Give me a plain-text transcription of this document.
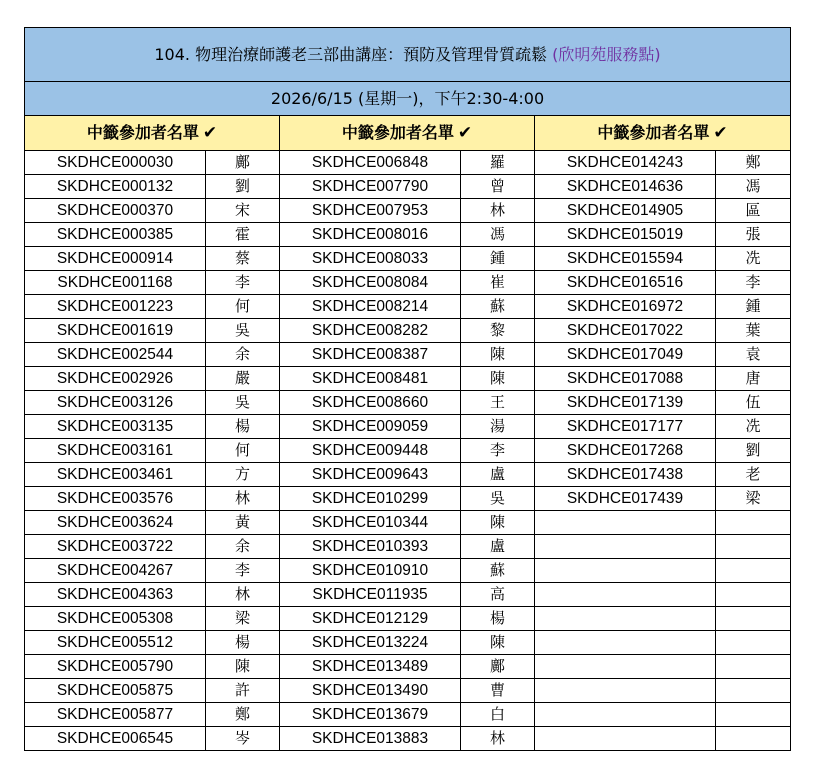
104. 物理治療師護老三部曲講座：預防及管理骨質疏鬆 (欣明苑服務點)					
2026/6/15 (星期一)，下午2:30-4:00					
中籤參加者名單 ✔		中籤參加者名單 ✔		中籤參加者名單 ✔	
SKDHCE000030	鄺	SKDHCE006848	羅	SKDHCE014243	鄭
SKDHCE000132	劉	SKDHCE007790	曾	SKDHCE014636	馮
SKDHCE000370	宋	SKDHCE007953	林	SKDHCE014905	區
SKDHCE000385	霍	SKDHCE008016	馮	SKDHCE015019	張
SKDHCE000914	蔡	SKDHCE008033	鍾	SKDHCE015594	冼
SKDHCE001168	李	SKDHCE008084	崔	SKDHCE016516	李
SKDHCE001223	何	SKDHCE008214	蘇	SKDHCE016972	鍾
SKDHCE001619	吳	SKDHCE008282	黎	SKDHCE017022	葉
SKDHCE002544	余	SKDHCE008387	陳	SKDHCE017049	袁
SKDHCE002926	嚴	SKDHCE008481	陳	SKDHCE017088	唐
SKDHCE003126	吳	SKDHCE008660	王	SKDHCE017139	伍
SKDHCE003135	楊	SKDHCE009059	湯	SKDHCE017177	冼
SKDHCE003161	何	SKDHCE009448	李	SKDHCE017268	劉
SKDHCE003461	方	SKDHCE009643	盧	SKDHCE017438	老
SKDHCE003576	林	SKDHCE010299	吳	SKDHCE017439	梁
SKDHCE003624	黃	SKDHCE010344	陳		
SKDHCE003722	余	SKDHCE010393	盧		
SKDHCE004267	李	SKDHCE010910	蘇		
SKDHCE004363	林	SKDHCE011935	高		
SKDHCE005308	梁	SKDHCE012129	楊		
SKDHCE005512	楊	SKDHCE013224	陳		
SKDHCE005790	陳	SKDHCE013489	鄺		
SKDHCE005875	許	SKDHCE013490	曹		
SKDHCE005877	鄭	SKDHCE013679	白		
SKDHCE006545	岑	SKDHCE013883	林		
